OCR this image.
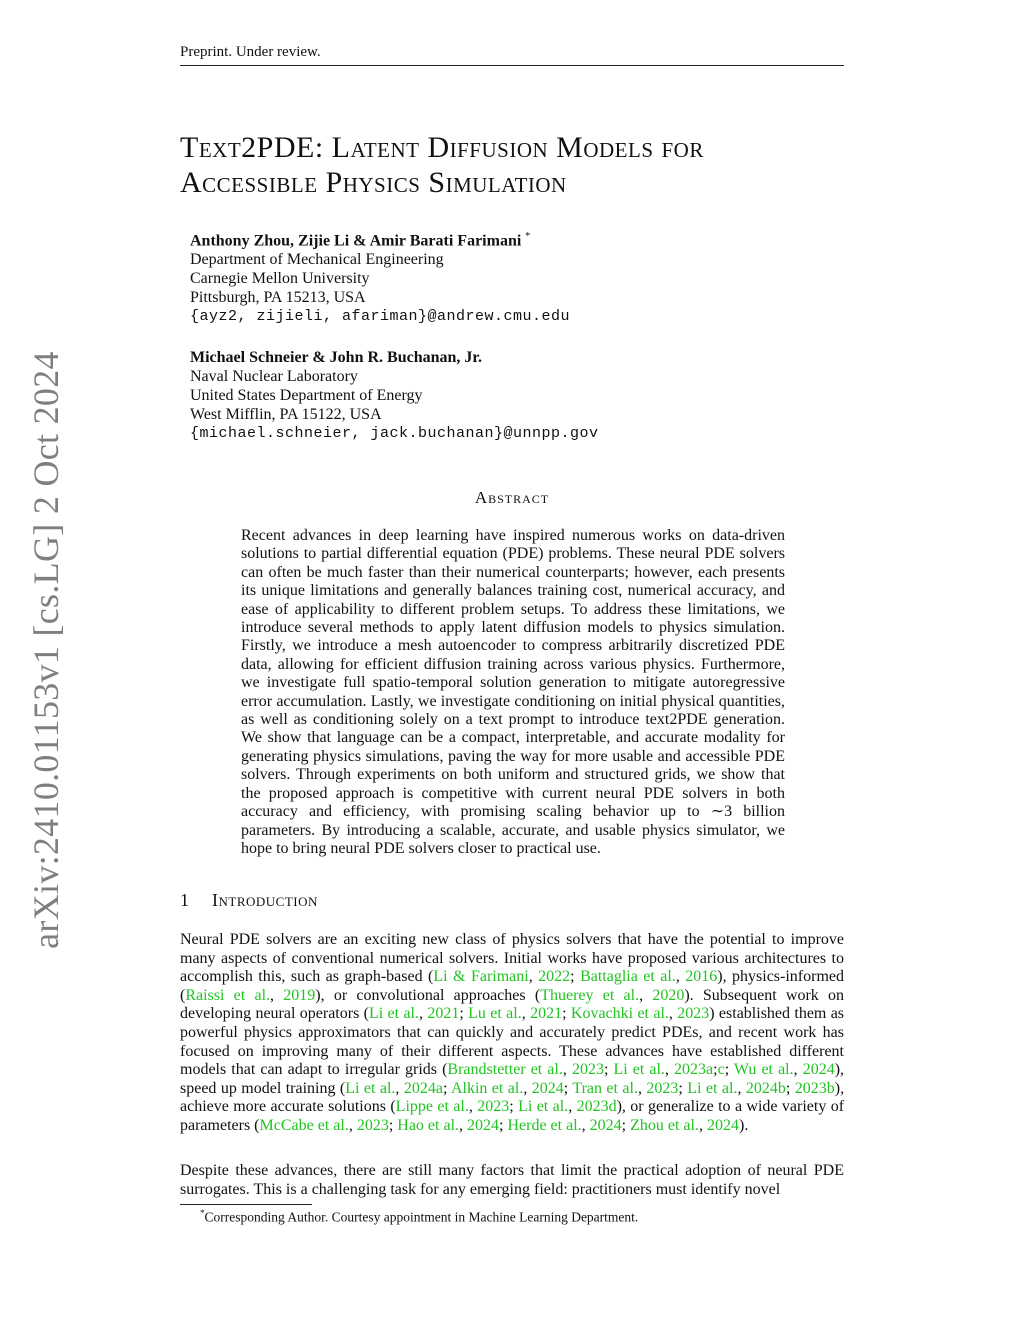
Preprint. Under review.
arXiv:2410.01153v1 [cs.LG] 2 Oct 2024
Text2PDE: Latent Diffusion Models for
Accessible Physics Simulation
Anthony Zhou, Zijie Li & Amir Barati Farimani *
Department of Mechanical Engineering
Carnegie Mellon University
Pittsburgh, PA 15213, USA
{ayz2, zijieli, afariman}@andrew.cmu.edu
Michael Schneier & John R. Buchanan, Jr.
Naval Nuclear Laboratory
United States Department of Energy
West Mifflin, PA 15122, USA
{michael.schneier, jack.buchanan}@unnpp.gov
Abstract
Recent advances in deep learning have inspired numerous works on data-driven solutions to partial differential equation (PDE) problems. These neural PDE solvers can often be much faster than their numerical counterparts; however, each presents its unique limitations and generally balances training cost, numerical accuracy, and ease of applicability to different problem setups. To address these limitations, we introduce several methods to apply latent diffusion models to physics simulation. Firstly, we introduce a mesh autoencoder to compress arbitrarily discretized PDE data, allowing for efficient diffusion training across various physics. Furthermore, we investigate full spatio-temporal solution generation to mitigate autoregressive error accumulation. Lastly, we investigate conditioning on initial physical quantities, as well as conditioning solely on a text prompt to introduce text2PDE generation. We show that language can be a compact, interpretable, and accurate modality for generating physics simulations, paving the way for more usable and accessible PDE solvers. Through experiments on both uniform and structured grids, we show that the proposed approach is competitive with current neural PDE solvers in both accuracy and efficiency, with promising scaling behavior up to ∼3 billion parameters. By introducing a scalable, accurate, and usable physics simulator, we hope to bring neural PDE solvers closer to practical use.
1 Introduction
Neural PDE solvers are an exciting new class of physics solvers that have the potential to improve many aspects of conventional numerical solvers. Initial works have proposed various architectures to accomplish this, such as graph-based (Li & Farimani, 2022; Battaglia et al., 2016), physics-informed (Raissi et al., 2019), or convolutional approaches (Thuerey et al., 2020). Subsequent work on developing neural operators (Li et al., 2021; Lu et al., 2021; Kovachki et al., 2023) established them as powerful physics approximators that can quickly and accurately predict PDEs, and recent work has focused on improving many of their different aspects. These advances have established different models that can adapt to irregular grids (Brandstetter et al., 2023; Li et al., 2023a;c; Wu et al., 2024), speed up model training (Li et al., 2024a; Alkin et al., 2024; Tran et al., 2023; Li et al., 2024b; 2023b), achieve more accurate solutions (Lippe et al., 2023; Li et al., 2023d), or generalize to a wide variety of parameters (McCabe et al., 2023; Hao et al., 2024; Herde et al., 2024; Zhou et al., 2024).
Despite these advances, there are still many factors that limit the practical adoption of neural PDE surrogates. This is a challenging task for any emerging field: practitioners must identify novel
*Corresponding Author. Courtesy appointment in Machine Learning Department.
